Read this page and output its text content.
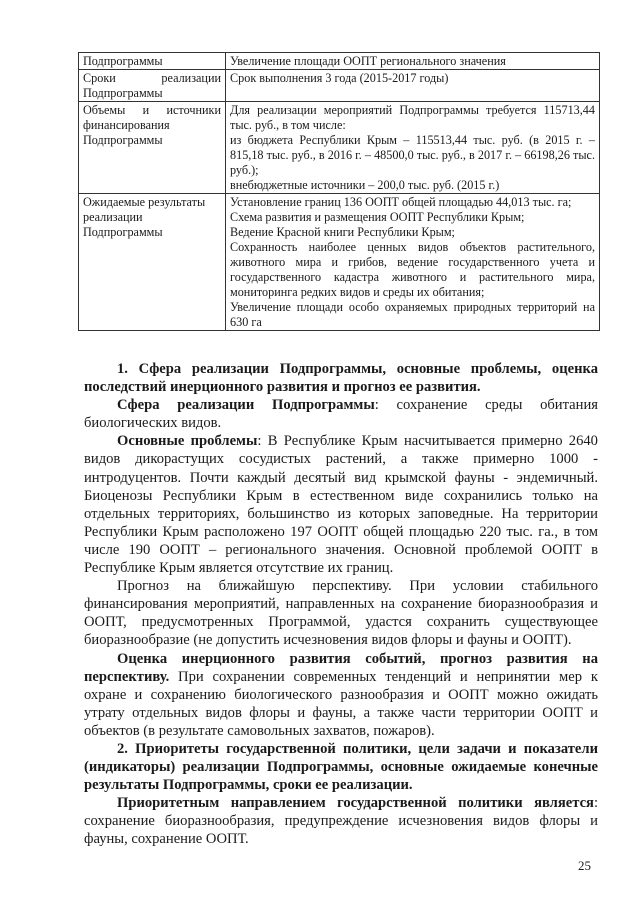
Подпрограммы	Увеличение площади ООПТ регионального значения

Сроки реализации Подпрограммы	Срок выполнения 3 года (2015-2017 годы)

Объемы и источники финансирования Подпрограммы	Для реализации мероприятий Подпрограммы требуется 115713,44 тыс. руб., в том числе:
из бюджета Республики Крым – 115513,44 тыс. руб. (в 2015 г. – 815,18 тыс. руб., в 2016 г. – 48500,0 тыс. руб., в 2017 г. – 66198,26 тыс. руб.);
внебюджетные источники – 200,0 тыс. руб. (2015 г.)

Ожидаемые результаты реализации Подпрограммы	Установление границ 136 ООПТ общей площадью 44,013 тыс. га;
Схема развития и размещения ООПТ Республики Крым;
Ведение Красной книги Республики Крым;
Сохранность наиболее ценных видов объектов растительного, животного мира и грибов, ведение государственного учета и государственного кадастра животного и растительного мира, мониторинга редких видов и среды их обитания;
Увеличение площади особо охраняемых природных территорий на 630 га

1. Сфера реализации Подпрограммы, основные проблемы, оценка последствий инерционного развития и прогноз ее развития.

Сфера реализации Подпрограммы: сохранение среды обитания биологических видов.

Основные проблемы: В Республике Крым насчитывается примерно 2640 видов дикорастущих сосудистых растений, а также примерно 1000 - интродуцентов. Почти каждый десятый вид крымской фауны - эндемичный. Биоценозы Республики Крым в естественном виде сохранились только на отдельных территориях, большинство из которых заповедные. На территории Республики Крым расположено 197 ООПТ общей площадью 220 тыс. га., в том числе 190 ООПТ – регионального значения. Основной проблемой ООПТ в Республике Крым является отсутствие их границ.

Прогноз на ближайшую перспективу. При условии стабильного финансирования мероприятий, направленных на сохранение биоразнообразия и ООПТ, предусмотренных Программой, удастся сохранить существующее биоразнообразие (не допустить исчезновения видов флоры и фауны и ООПТ).

Оценка инерционного развития событий, прогноз развития на перспективу. При сохранении современных тенденций и непринятии мер к охране и сохранению биологического разнообразия и ООПТ можно ожидать утрату отдельных видов флоры и фауны, а также части территории ООПТ и объектов (в результате самовольных захватов, пожаров).

2. Приоритеты государственной политики, цели задачи и показатели (индикаторы) реализации Подпрограммы, основные ожидаемые конечные результаты Подпрограммы, сроки ее реализации.

Приоритетным направлением государственной политики является: сохранение биоразнообразия, предупреждение исчезновения видов флоры и фауны, сохранение ООПТ.

25
